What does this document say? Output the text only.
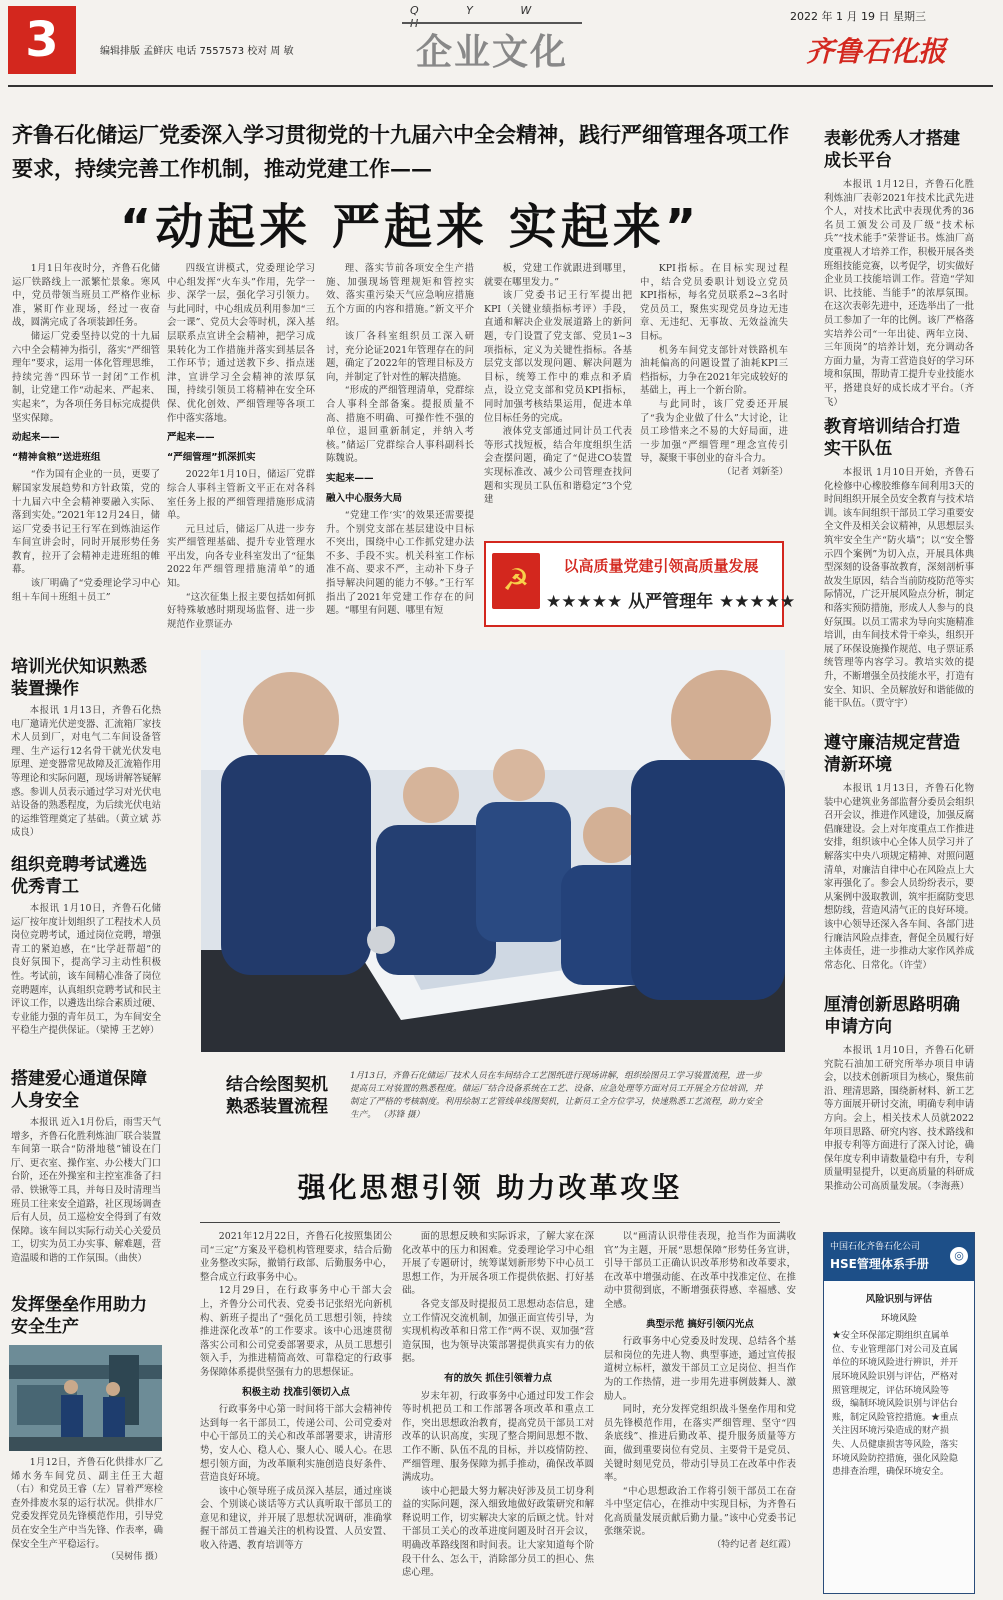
3	编辑排版 孟鲜庆 电话 7557573 校对 周 敏
Q Y W H
企业文化
2022 年 1 月 19 日 星期三
齐鲁石化报
齐鲁石化储运厂党委深入学习贯彻党的十九届六中全会精神，践行严细管理各项工作要求，持续完善工作机制，推动党建工作——
“动起来 严起来 实起来”

1月1日年夜时分，齐鲁石化储运厂铁路线上一派繁忙景象。寒风中，党员带领当班员工严格作业标准，紧盯作业现场，经过一夜奋战，圆满完成了各项装卸任务。

储运厂党委坚持以党的十九届六中全会精神为指引，落实“严细管理年”要求，运用一体化管理思维，持续完善“四环节一封闭”工作机制，让党建工作“动起来、严起来、实起来”，为各项任务目标完成提供坚实保障。

动起来——
“精神食粮”送进班组

“作为国有企业的一员，更要了解国家发展趋势和方针政策，党的十九届六中全会精神要融入实际、落到实处。”2021年12月24日，储运厂党委书记王行军在到炼油运作车间宣讲会时，同时开展形势任务教育，拉开了会精神走进班组的帷幕。

该厂明确了“党委理论学习中心组＋车间＋班组＋员工”

四级宣讲模式，党委理论学习中心组发挥“火车头”作用，先学一步、深学一层，强化学习引领力。与此同时，中心组成员利用参加“三会一课”、党员大会等时机，深入基层联系点宣讲全会精神，把学习成果转化为工作措施并落实到基层各工作环节；通过送教下乡、指点迷津，宣讲学习全会精神的浓厚氛围，持续引领员工将精神在安全环保、优化创效、严细管理等各项工作中落实落地。

严起来——
“严细管理”抓深抓实

2022年1月10日，储运厂党群综合人事科主管新文平正在对各科室任务上报的严细管理措施形成清单。

元旦过后，储运厂从进一步夯实严细管理基础、提升专业管理水平出发，向各专业科室发出了“征集2022年严细管理措施清单”的通知。

“这次征集上报主要包括如何抓好特殊敏感时期现场监督、进一步规范作业票证办

理、落实节前各项安全生产措施、加强现场管理规矩和管控实效、落实重污染天气应急响应措施五个方面的内容和措施。”新文平介绍。

该厂各科室组织员工深入研讨，充分论证2021年管理存在的问题，确定了2022年的管理目标及方向，并制定了针对性的解决措施。

“形成的严细管理清单，党群综合人事科全部备案。提报质量不高、措施不明确、可操作性不强的单位，退回重新制定，并纳入考核。”储运厂党群综合人事科副科长陈魏说。

实起来——
融入中心服务大局

“党建工作‘实’的效果还需要提升。个别党支部在基层建设中目标不突出，围绕中心工作抓党建办法不多、手段不实。机关科室工作标准不高、要求不严，主动补下身子指导解决问题的能力不够。”王行军指出了2021年党建工作存在的问题。“哪里有问题、哪里有短

板，党建工作就跟进到哪里，就要在哪里发力。”

该厂党委书记王行军提出把KPI（关键业绩指标考评）手段，直通和解决企业发展道路上的新问题，专门设置了党支部、党员1~3项指标，定义为关键性指标。各基层党支部以发现问题、解决问题为目标，统筹工作中的难点和矛盾点，设立党支部和党员KPI指标，同时加强考核结果运用，促进本单位目标任务的完成。

液体党支部通过同计员工代表等形式找短板，结合年度组织生活会查摆问题，确定了“促进CO装置实现标准改、减少公司管理查找问题和实现员工队伍和谐稳定”3个党建

KPI指标。在目标实现过程中，结合党员委职计划设立党员KPI指标，每名党员联系2~3名时党员员工，聚焦实现党员身边无违章、无违纪、无事故、无效益流失目标。

机务车间党支部针对铁路机车油耗偏高的问题设置了油耗KPI三档指标，力争在2021年完成较好的基础上，再上一个新台阶。

与此同时，该厂党委还开展了“我为企业做了什么”大讨论，让员工珍惜来之不易的大好局面，进一步加强“严细管理”理念宣传引导，凝聚干事创业的奋斗合力。

（记者 刘新荃）
☭	以高质量党建引领高质量发展
★★★★★ 从严管理年 ★★★★★
表彰优秀人才搭建成长平台

本报讯 1月12日，齐鲁石化胜利炼油厂表彰2021年技术比武先进个人，对技术比武中表现优秀的36名员工颁发公司及厂级“技术标兵”“技术能手”荣誉证书。炼油厂高度重视人才培养工作，积极开展各类班组技能竞赛，以考促学，切实做好企业员工技能培训工作。营造“学知识、比技能、当能手”的浓厚氛围。在这次表彰先进中，还选举出了一批员工参加了一年的比例。该厂严格落实培养公司“一年出徒、两年立岗、三年顶岗”的培养计划，充分调动各方面力量，为青工营造良好的学习环境和氛围，帮助青工提升专业技能水平，搭建良好的成长成才平台。（齐飞）

教育培训结合打造实干队伍

本报讯 1月10日开始，齐鲁石化检修中心橡胶维修车间利用3天的时间组织开展全员安全教育与技术培训。该车间组织干部员工学习重要安全文件及相关会议精神，从思想层头筑牢安全生产“防火墙”；以“安全警示四个案例”为切入点，开展具体典型深刻的设备事故教育，深刻剖析事故发生原因，结合当前防疫防范等实际情况，广泛开展风险点分析，制定和落实预防措施，形成人人参与的良好氛围。以员工需求为导向实施精准培训，由车间技术骨干牵头，组织开展了环保设施操作规范、电子票证系统管理等内容学习。教培实效的提升，不断增强全员技能水平，打造有安全、知识、全员解放好和谐能做的能干队伍。（贾守宇）

遵守廉洁规定营造清新环境

本报讯 1月13日，齐鲁石化物装中心建筑业务部监督分委员会组织召开会议，推进作风建设，加强反腐倡廉建设。会上对年度重点工作推进安排，组织该中心全体人员学习并了解落实中央八项规定精神、对照问题清单，对廉洁自律中心在风险点上大家再强化了。参会人员纷纷表示，要从案例中汲取教训，筑牢拒腐防变思想防线，营造风清气正的良好环境。该中心领导还深入各车间、各部门进行廉洁风险点排查，督促全员履行好主体责任，进一步推动大家作风养成常态化、日常化。（许莹）

厘清创新思路明确申请方向

本报讯 1月10日，齐鲁石化研究院石油加工研究所举办项目申请会，以技术创新项目为核心，聚焦前沿、理清思路，围绕新材料、新工艺等方面展开研讨交流，明确专利申请方向。会上，相关技术人员就2022年项目思路、研究内容、技术路线和申报专利等方面进行了深入讨论，确保年度专利申请数量稳中有升，专利质量明显提升，以更高质量的科研成果推动公司高质量发展。（李海燕）

中国石化齐鲁石化公司
HSE管理体系手册
◎
风险识别与评估
环境风险
★安全环保部定期组织直属单位、专业管理部门对公司及直属单位的环境风险进行辨识，并开展环境风险识别与评估，严格对照管理规定，评估环境风险等级，编制环境风险识别与评估台账，制定风险管控措施。★重点关注因环境污染造成的财产损失、人员健康损害等风险，落实环境风险防控措施，强化风险隐患排查治理，确保环境安全。
培训光伏知识熟悉装置操作

本报讯 1月13日，齐鲁石化热电厂邀请光伏逆变器、汇流箱厂家技术人员到厂，对电气二车间设备管理、生产运行12名骨干就光伏发电原理、逆变器常见故障及汇流箱作用等理论和实际问题，现场讲解答疑解惑。参训人员表示通过学习对光伏电站设备的熟悉程度，为后续光伏电站的运维管理奠定了基础。（黄立斌 苏成良）

组织竞聘考试遴选优秀青工

本报讯 1月10日，齐鲁石化储运厂按年度计划组织了工程技术人员岗位竞聘考试，通过岗位竞聘，增强青工的紧迫感，在“比学赶帮超”的良好氛围下，提高学习主动性积极性。考试前，该车间精心准备了岗位竞聘题库，认真组织竞聘考试和民主评议工作，以遴选出综合素质过硬、专业能力强的青年员工，为车间安全平稳生产提供保证。（梁博 王艺婷）

搭建爱心通道保障人身安全

本报讯 近入1月份后，雨雪天气增多，齐鲁石化胜利炼油厂联合装置车间第一联合“防滑地毯”铺设在门厅、更衣室、操作室、办公楼大门口台阶，还在外操室和主控室准备了扫帚、铁锹等工具，并每日及时清理当班员工往来安全道路，社区现场调查后有人员，员工巡检安全得到了有效保障。该车间以实际行动关心关爱员工，切实为员工办实事、解难题，营造温暖和谐的工作氛围。（曲侠）

发挥堡垒作用助力安全生产

1月12日，齐鲁石化供排水厂乙烯水务车间党员、副主任王大超（右）和党员王睿（左）冒着严寒检查外排废水泵的运行状况。供排水厂党委发挥党员先锋模范作用，引导党员在安全生产中当先锋、作表率，确保安全生产平稳运行。

（吴树伟 摄）
结合绘图契机熟悉装置流程
1月13日，齐鲁石化储运厂技术人员在车间结合工艺图纸进行现场讲解，组织绘图员工学习装置流程，进一步提高员工对装置的熟悉程度。储运厂结合设备系统在工艺、设备、应急处理等方面对员工开展全方位培训，并制定了严格的考核制度。利用绘制工艺管线单线图契机，让新员工全方位学习，快速熟悉工艺流程，助力安全生产。 （苏锋 摄）
强化思想引领 助力改革攻坚

2021年12月22日，齐鲁石化按照集团公司“三定”方案及平稳机构管理要求，结合后勤业务整改实际，撤销行政部、后勤服务中心，整合成立行政事务中心。

12月29日，在行政事务中心干部大会上，齐鲁分公司代表、党委书记张绍光向新机构、新班子提出了“强化员工思想引领，持续推进深化改革”的工作要求。该中心迅速贯彻落实公司和公司党委部署要求，从员工思想引领入手，为推进精简高效、可靠稳定的行政事务保障体系提供坚强有力的思想保证。

积极主动 找准引领切入点

行政事务中心第一时间将干部大会精神传达到每一名干部员工，传递公司、公司党委对中心干部员工的关心和改革部署要求，讲清形势，安人心、稳人心、聚人心、暖人心。在思想引领方面，为改革顺利实施创造良好条件、营造良好环境。

该中心领导班子成员深入基层，通过座谈会、个别谈心谈话等方式认真听取干部员工的意见和建议，并开展了思想状况调研，准确掌握干部员工普遍关注的机构设置、人员安置、收入待遇、教育培训等方

面的思想反映和实际诉求，了解大家在深化改革中的压力和困难。党委理论学习中心组开展了专题研讨，统筹谋划新形势下中心员工思想工作，为开展各项工作提供依据、打好基础。

各党支部及时提报员工思想动态信息，建立工作情况交流机制，加强正面宣传引导，为实现机构改革和日常工作“两不误、双加强”营造氛围，也为领导决策部署提供真实有力的依据。

有的放矢 抓住引领着力点

岁末年初，行政事务中心通过印发工作会等时机把员工和工作部署各项改革和重点工作，突出思想政治教育，提高党员干部员工对改革的认识高度，实现了整合期间思想不散、工作不断、队伍不乱的目标，并以疫情防控、严细管理、服务保障为抓手推动，确保改革圆满成功。

该中心把最大努力解决好涉及员工切身利益的实际问题，深入细致地做好政策研究和解释说明工作，切实解决大家的后顾之忧。针对干部员工关心的改革进度问题及时召开会议，明确改革路线图和时间表。让大家知道每个阶段干什么、怎么干，消除部分员工的担心、焦虑心理。

以“画清认识带佳表现，抢当作为面满收官”为主题，开展“思想保障”形势任务宣讲，引导干部员工正确认识改革形势和改革要求，在改革中增强动能、在改革中找准定位、在推动中贯彻到底，不断增强获得感、幸福感、安全感。

典型示范 搞好引领闪光点

行政事务中心党委及时发现、总结各个基层和岗位的先进人物、典型事迹，通过宣传报道树立标杆，激发干部员工立足岗位、担当作为的工作热情，进一步用先进事例鼓舞人、激励人。

同时，充分发挥党组织战斗堡垒作用和党员先锋模范作用，在落实严细管理、坚守“四条底线”、推进后勤改革、提升服务质量等方面，做到重要岗位有党员、主要骨干是党员、关键时刻见党员，带动引导员工在改革中作表率。

“中心思想政治工作将引领干部员工在奋斗中坚定信心，在推动中实现目标，为齐鲁石化高质量发展贡献后勤力量。”该中心党委书记张继荣说。

（特约记者 赵红霞）
